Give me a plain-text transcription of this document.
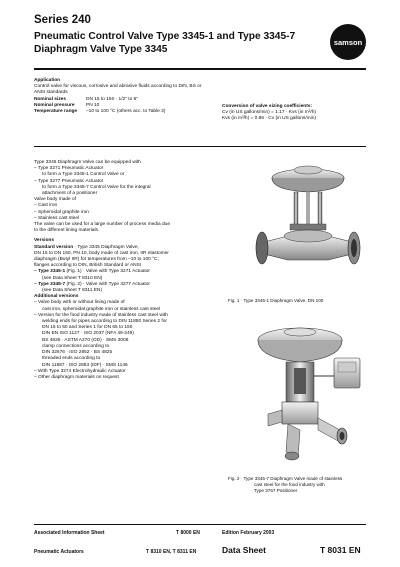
Series 240
samson
Pneumatic Control Valve Type 3345-1 and Type 3345-7
Diaphragm Valve Type 3345
Application
Control valve for viscous, corrosive and abrasive fluids according to DIN, BS or ANSI standards
Nominal sizes	DN 15 to 150 · 1/2" to 6"
Nominal pressure	PN 10
Temperature range	–10 to 100 °C (others acc. to Table 3)
Conversion of valve sizing coefficients:
Cv (in US gallons/min) = 1.17 · Kvs (in m³/h)
Kvs (in m³/h) = 0.86 · Cv (in US gallons/min)
Type 3345 Diaphragm Valve can be equipped with
– Type 3271 Pneumatic Actuator
to form a Type 3345-1 Control Valve or
– Type 3277 Pneumatic Actuator
to form a Type 3345-7 Control Valve for the integral
attachment of a positioner
Valve body made of
– Cast iron
– Spheroidal graphite iron
– Stainless cast steel
The valve can be used for a large number of process media due
to the different lining materials.
Versions
Standard version · Type 3345 Diaphragm Valve,
DN 15 to DN 150, PN 10, body made of cast iron, IIR elastomer
diaphragm (Butyl IIR) for temperatures from –10 to 100 °C;
flanges according to DIN, British Standard or ANSI
– Type 3345-1 (Fig. 1) · Valve with Type 3271 Actuator
(see Data Sheet T 8310 EN)
– Type 3345-7 (Fig. 2) · Valve with Type 3277 Actuator
(see Data Sheet T 8311 EN)
Additional versions
– Valve body with or without lining made of
cast iron, spheroidal graphite iron or stainless cast steel
– Version for the food industry made of stainless cast steel with
welding ends for pipes according to DIN 11850 Series 2 for
DN 15 to 50 and Series 1 for DN 65 to 150
DIN EN ISO 1127 · ISO 2037 (NFA 49-249)
BS 4825 · ASTM A270 (OD) · SMS 3008
clamp connections according to
DIN 32676 · ISO 2852 · BS 4825
threaded ends according to
DIN 11887 · ISO 2853 (IDF) · SMS 1146
– With Type 3274 Electrohydraulic Actuator
– Other diaphragm materials on request
Fig. 1 · Type 3345-1 Diaphragm Valve, DN 100
Fig. 2 · Type 3345-7 Diaphragm Valve made of stainless
cast steel for the food industry with
Type 3767 Positioner
Associated Information Sheet	T 8000 EN	Edition February 2003
Pneumatic Actuators	T 8310 EN, T 8311 EN	Data Sheet	T 8031 EN
